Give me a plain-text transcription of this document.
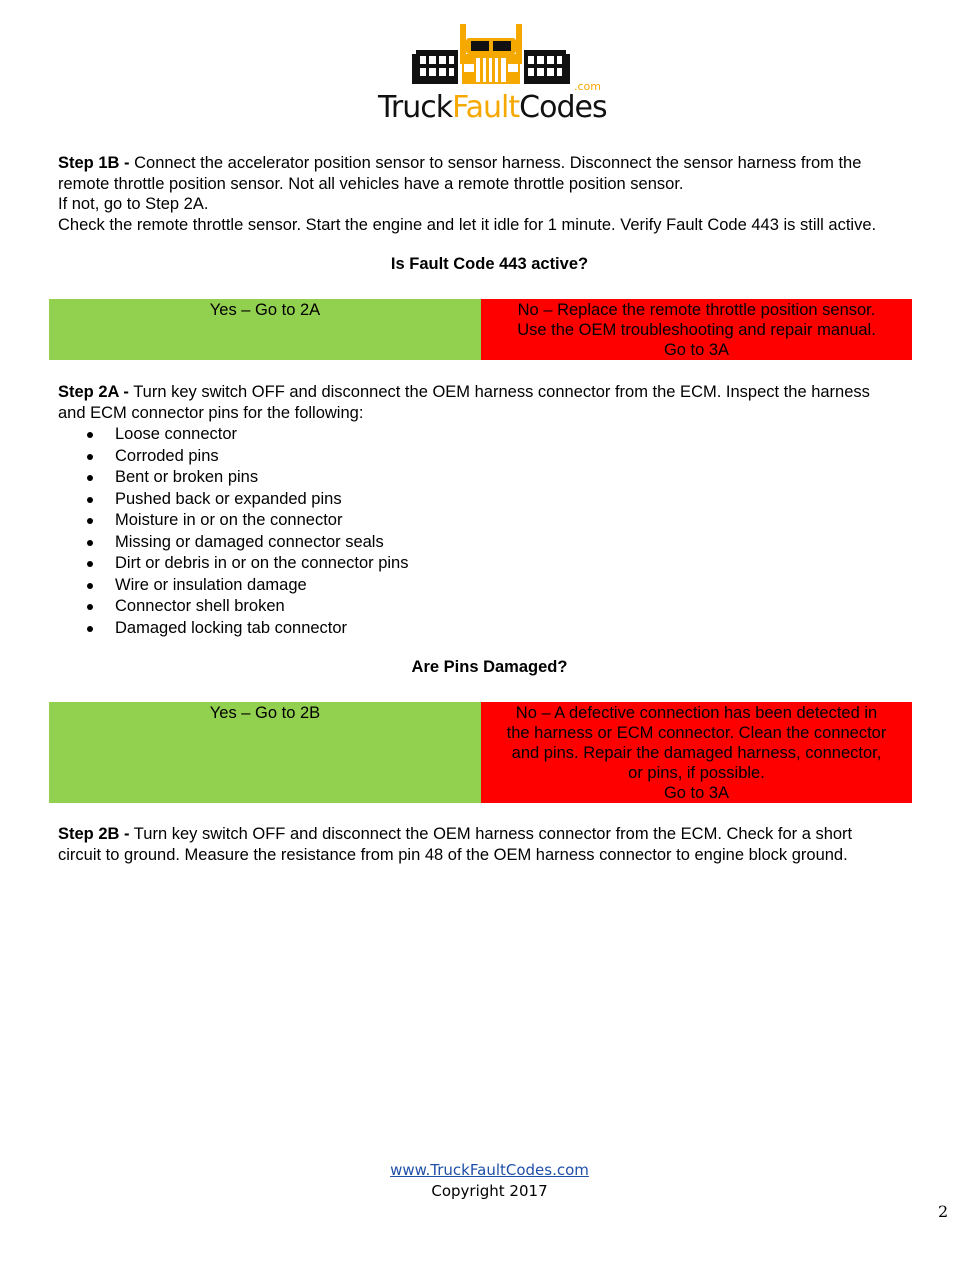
TruckFaultCodes
.com

Step 1B - Connect the accelerator position sensor to sensor harness. Disconnect the sensor harness from the remote throttle position sensor. Not all vehicles have a remote throttle position sensor.

If not, go to Step 2A.

Check the remote throttle sensor. Start the engine and let it idle for 1 minute. Verify Fault Code 443 is still active.

Is Fault Code 443 active?
Yes – Go to 2A	No – Replace the remote throttle position sensor.
Use the OEM troubleshooting and repair manual.
Go to 3A

Step 2A - Turn key switch OFF and disconnect the OEM harness connector from the ECM. Inspect the harness and ECM connector pins for the following:

Loose connector
Corroded pins
Bent or broken pins
Pushed back or expanded pins
Moisture in or on the connector
Missing or damaged connector seals
Dirt or debris in or on the connector pins
Wire or insulation damage
Connector shell broken
Damaged locking tab connector
Are Pins Damaged?
Yes – Go to 2B	No – A defective connection has been detected in
the harness or ECM connector. Clean the connector
and pins. Repair the damaged harness, connector,
or pins, if possible.
Go to 3A

Step 2B - Turn key switch OFF and disconnect the OEM harness connector from the ECM. Check for a short circuit to ground. Measure the resistance from pin 48 of the OEM harness connector to engine block ground.

www.TruckFaultCodes.com
Copyright 2017
2
